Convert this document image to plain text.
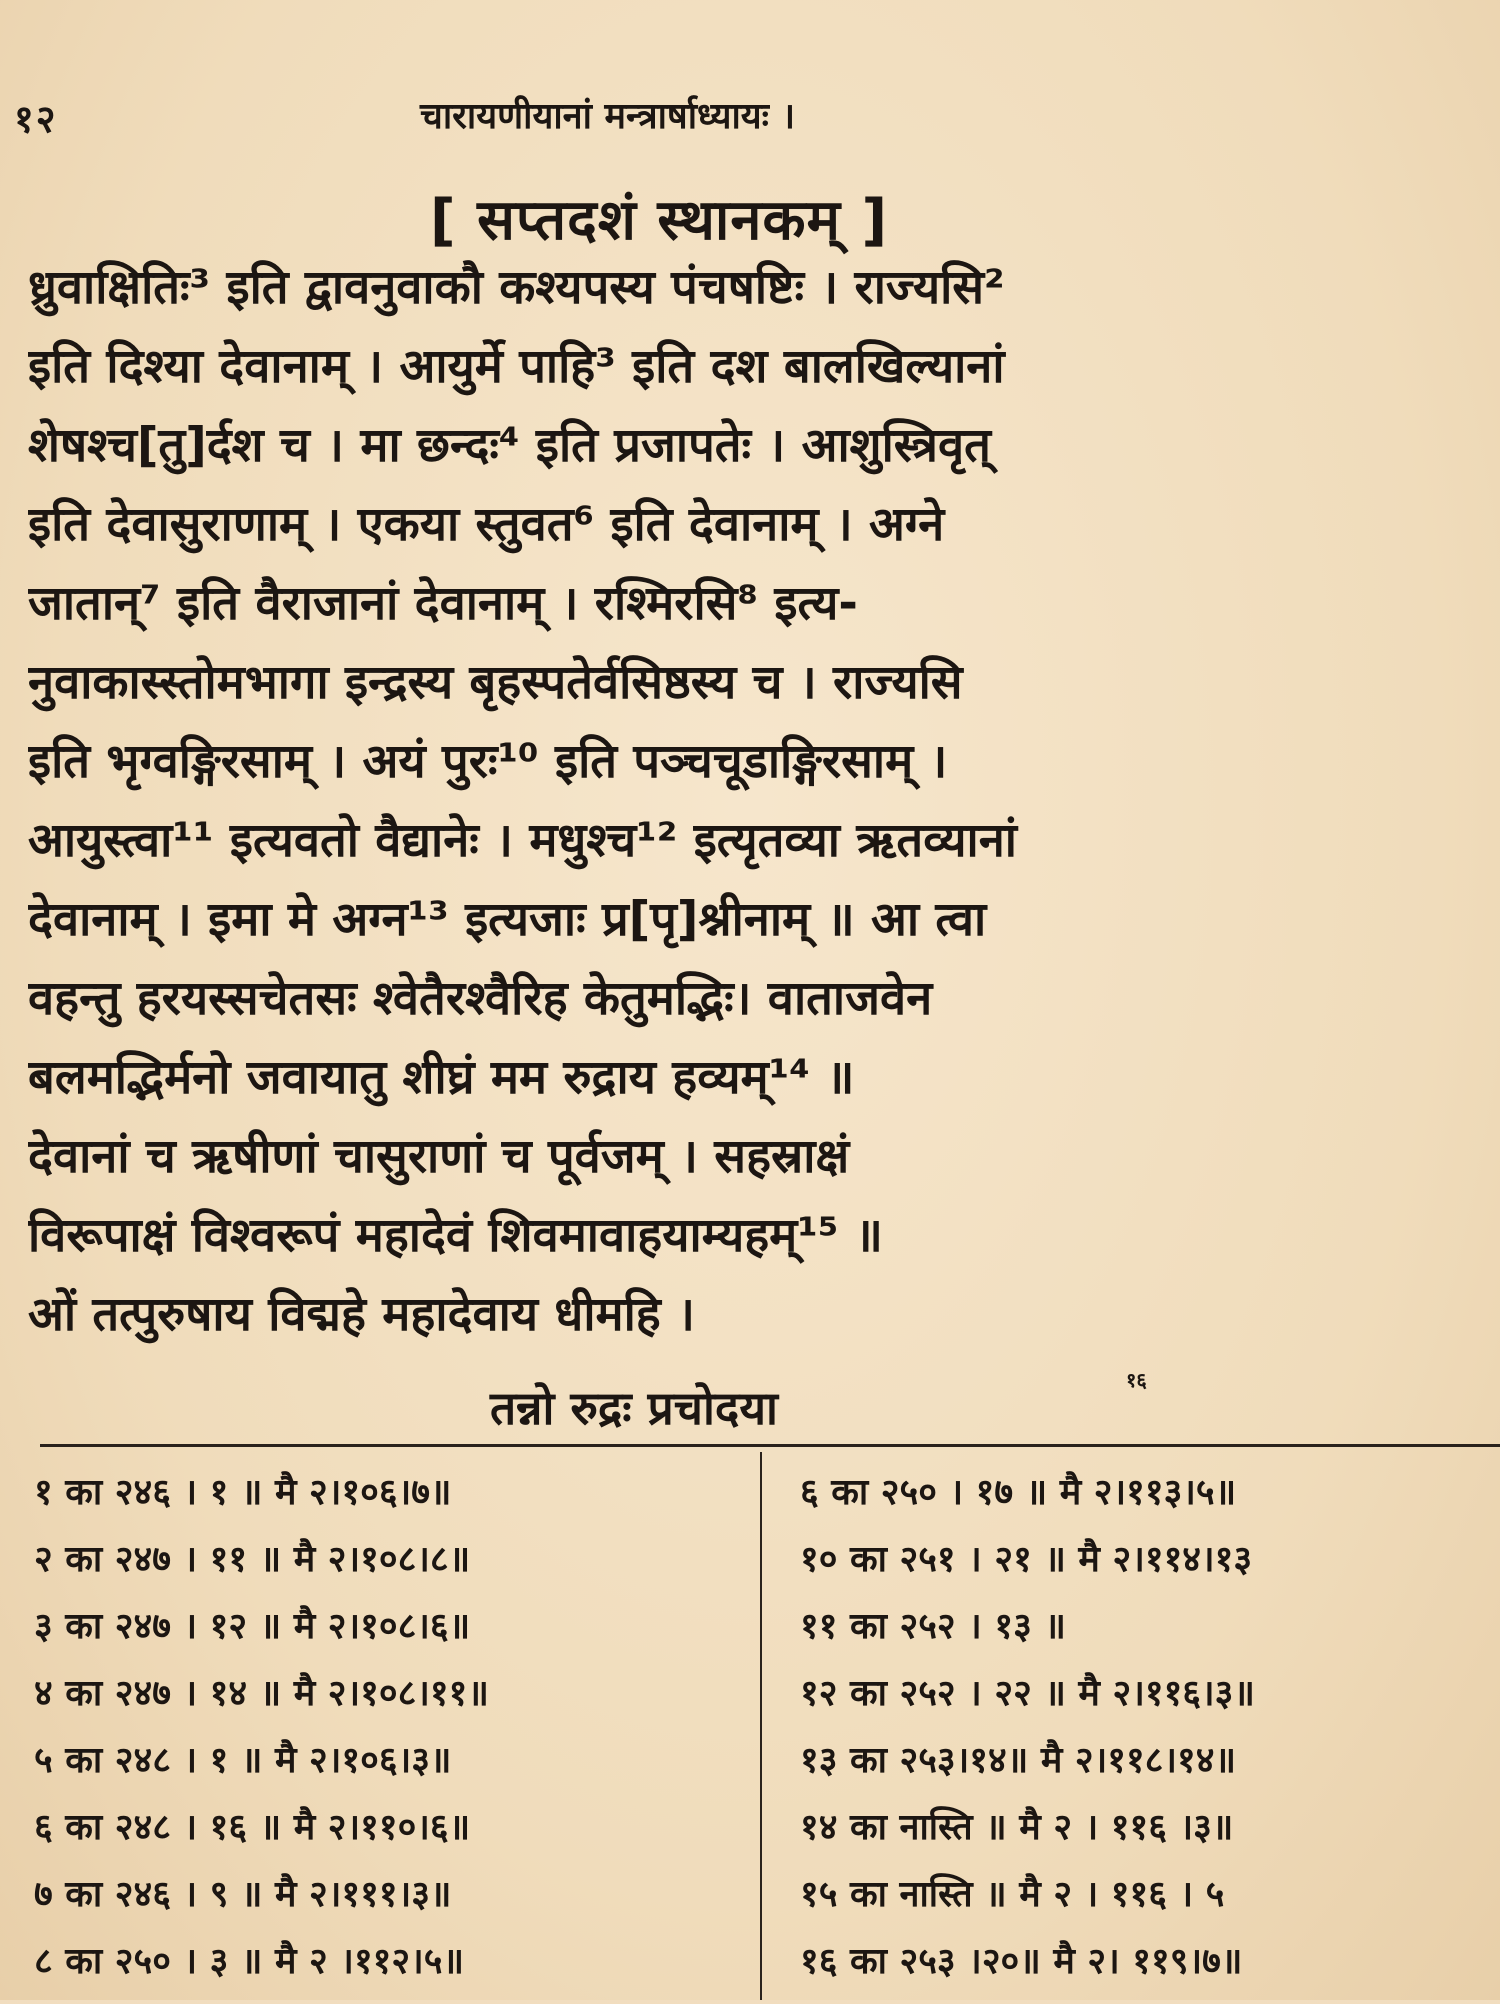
१२	चारायणीयानां मन्त्रार्षाध्यायः ।
[ सप्तदशं स्थानकम् ]
ध्रुवाक्षितिः³ इति द्वावनुवाकौ कश्यपस्य पंचषष्टिः । राज्यसि²
इति दिश्या देवानाम् । आयुर्मे पाहि³ इति दश बालखिल्यानां
शेषश्च[तु]र्दश च । मा छन्दः⁴ इति प्रजापतेः । आशुस्त्रिवृत्
इति देवासुराणाम् । एकया स्तुवत⁶ इति देवानाम् । अग्ने
जातान्⁷ इति वैराजानां देवानाम् । रश्मिरसि⁸ इत्य-
नुवाकास्स्तोमभागा इन्द्रस्य बृहस्पतेर्वसिष्ठस्य च । राज्यसि
इति भृग्वङ्गिरसाम् । अयं पुरः¹⁰ इति पञ्चचूडाङ्गिरसाम् ।
आयुस्त्वा¹¹ इत्यवतो वैद्यानेः । मधुश्च¹² इत्यृतव्या ऋतव्यानां
देवानाम् । इमा मे अग्न¹³ इत्यजाः प्र[पृ]श्नीनाम् ॥ आ त्वा
वहन्तु हरयस्सचेतसः श्वेतैरश्वैरिह केतुमद्भिः। वाताजवेन
बलमद्भिर्मनो जवायातु शीघ्रं मम रुद्राय हव्यम्¹⁴ ॥
देवानां च ऋषीणां चासुराणां च पूर्वजम् । सहस्राक्षं
विरूपाक्षं विश्वरूपं महादेवं शिवमावाहयाम्यहम्¹⁵ ॥
ओं तत्पुरुषाय विद्महे महादेवाय धीमहि ।
तन्नो रुद्रः प्रचोदया
१६
१ का २४६ । १ ॥ मै २।१०६।७॥
२ का २४७ । ११ ॥ मै २।१०८।८॥
३ का २४७ । १२ ॥ मै २।१०८।६॥
४ का २४७ । १४ ॥ मै २।१०८।११॥
५ का २४८ । १ ॥ मै २।१०६।३॥
६ का २४८ । १६ ॥ मै २।११०।६॥
७ का २४६ । ९ ॥ मै २।१११।३॥
८ का २५० । ३ ॥ मै २ ।११२।५॥
६ का २५० । १७ ॥ मै २।११३।५॥
१० का २५१ । २१ ॥ मै २।११४।१३
११ का २५२ । १३ ॥
१२ का २५२ । २२ ॥ मै २।११६।३॥
१३ का २५३।१४॥ मै २।११८।१४॥
१४ का नास्ति ॥ मै २ । ११६ ।३॥
१५ का नास्ति ॥ मै २ । ११६ । ५
१६ का २५३ ।२०॥ मै २। ११९।७॥
